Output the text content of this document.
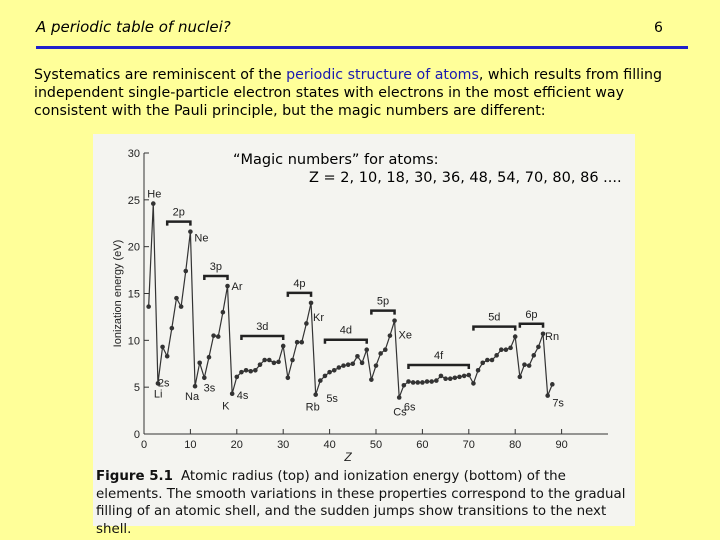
A periodic table of nuclei?	6
Systematics are reminiscent of the periodic structure of atoms, which results from filling independent single-particle electron states with electrons in the most efficient way consistent with the Pauli principle, but the magic numbers are different:
0	10	20	30	40	50	60	70	80	90
0
5
10
15
20
25
30
Z
Ionization energy (eV)
2p
3p
3d
4p
4d
5p
4f
5d 6p
He
Ne
Ar
Kr
Xe	Rn
Li Na
K	Rb	Cs
7s
2s	3s
4s	5s
6s
“Magic numbers” for atoms:
Z = 2, 10, 18, 30, 36, 48, 54, 70, 80, 86 ....
Figure 5.1 Atomic radius (top) and ionization energy (bottom) of the elements. The smooth variations in these properties correspond to the gradual filling of an atomic shell, and the sudden jumps show transitions to the next shell.
